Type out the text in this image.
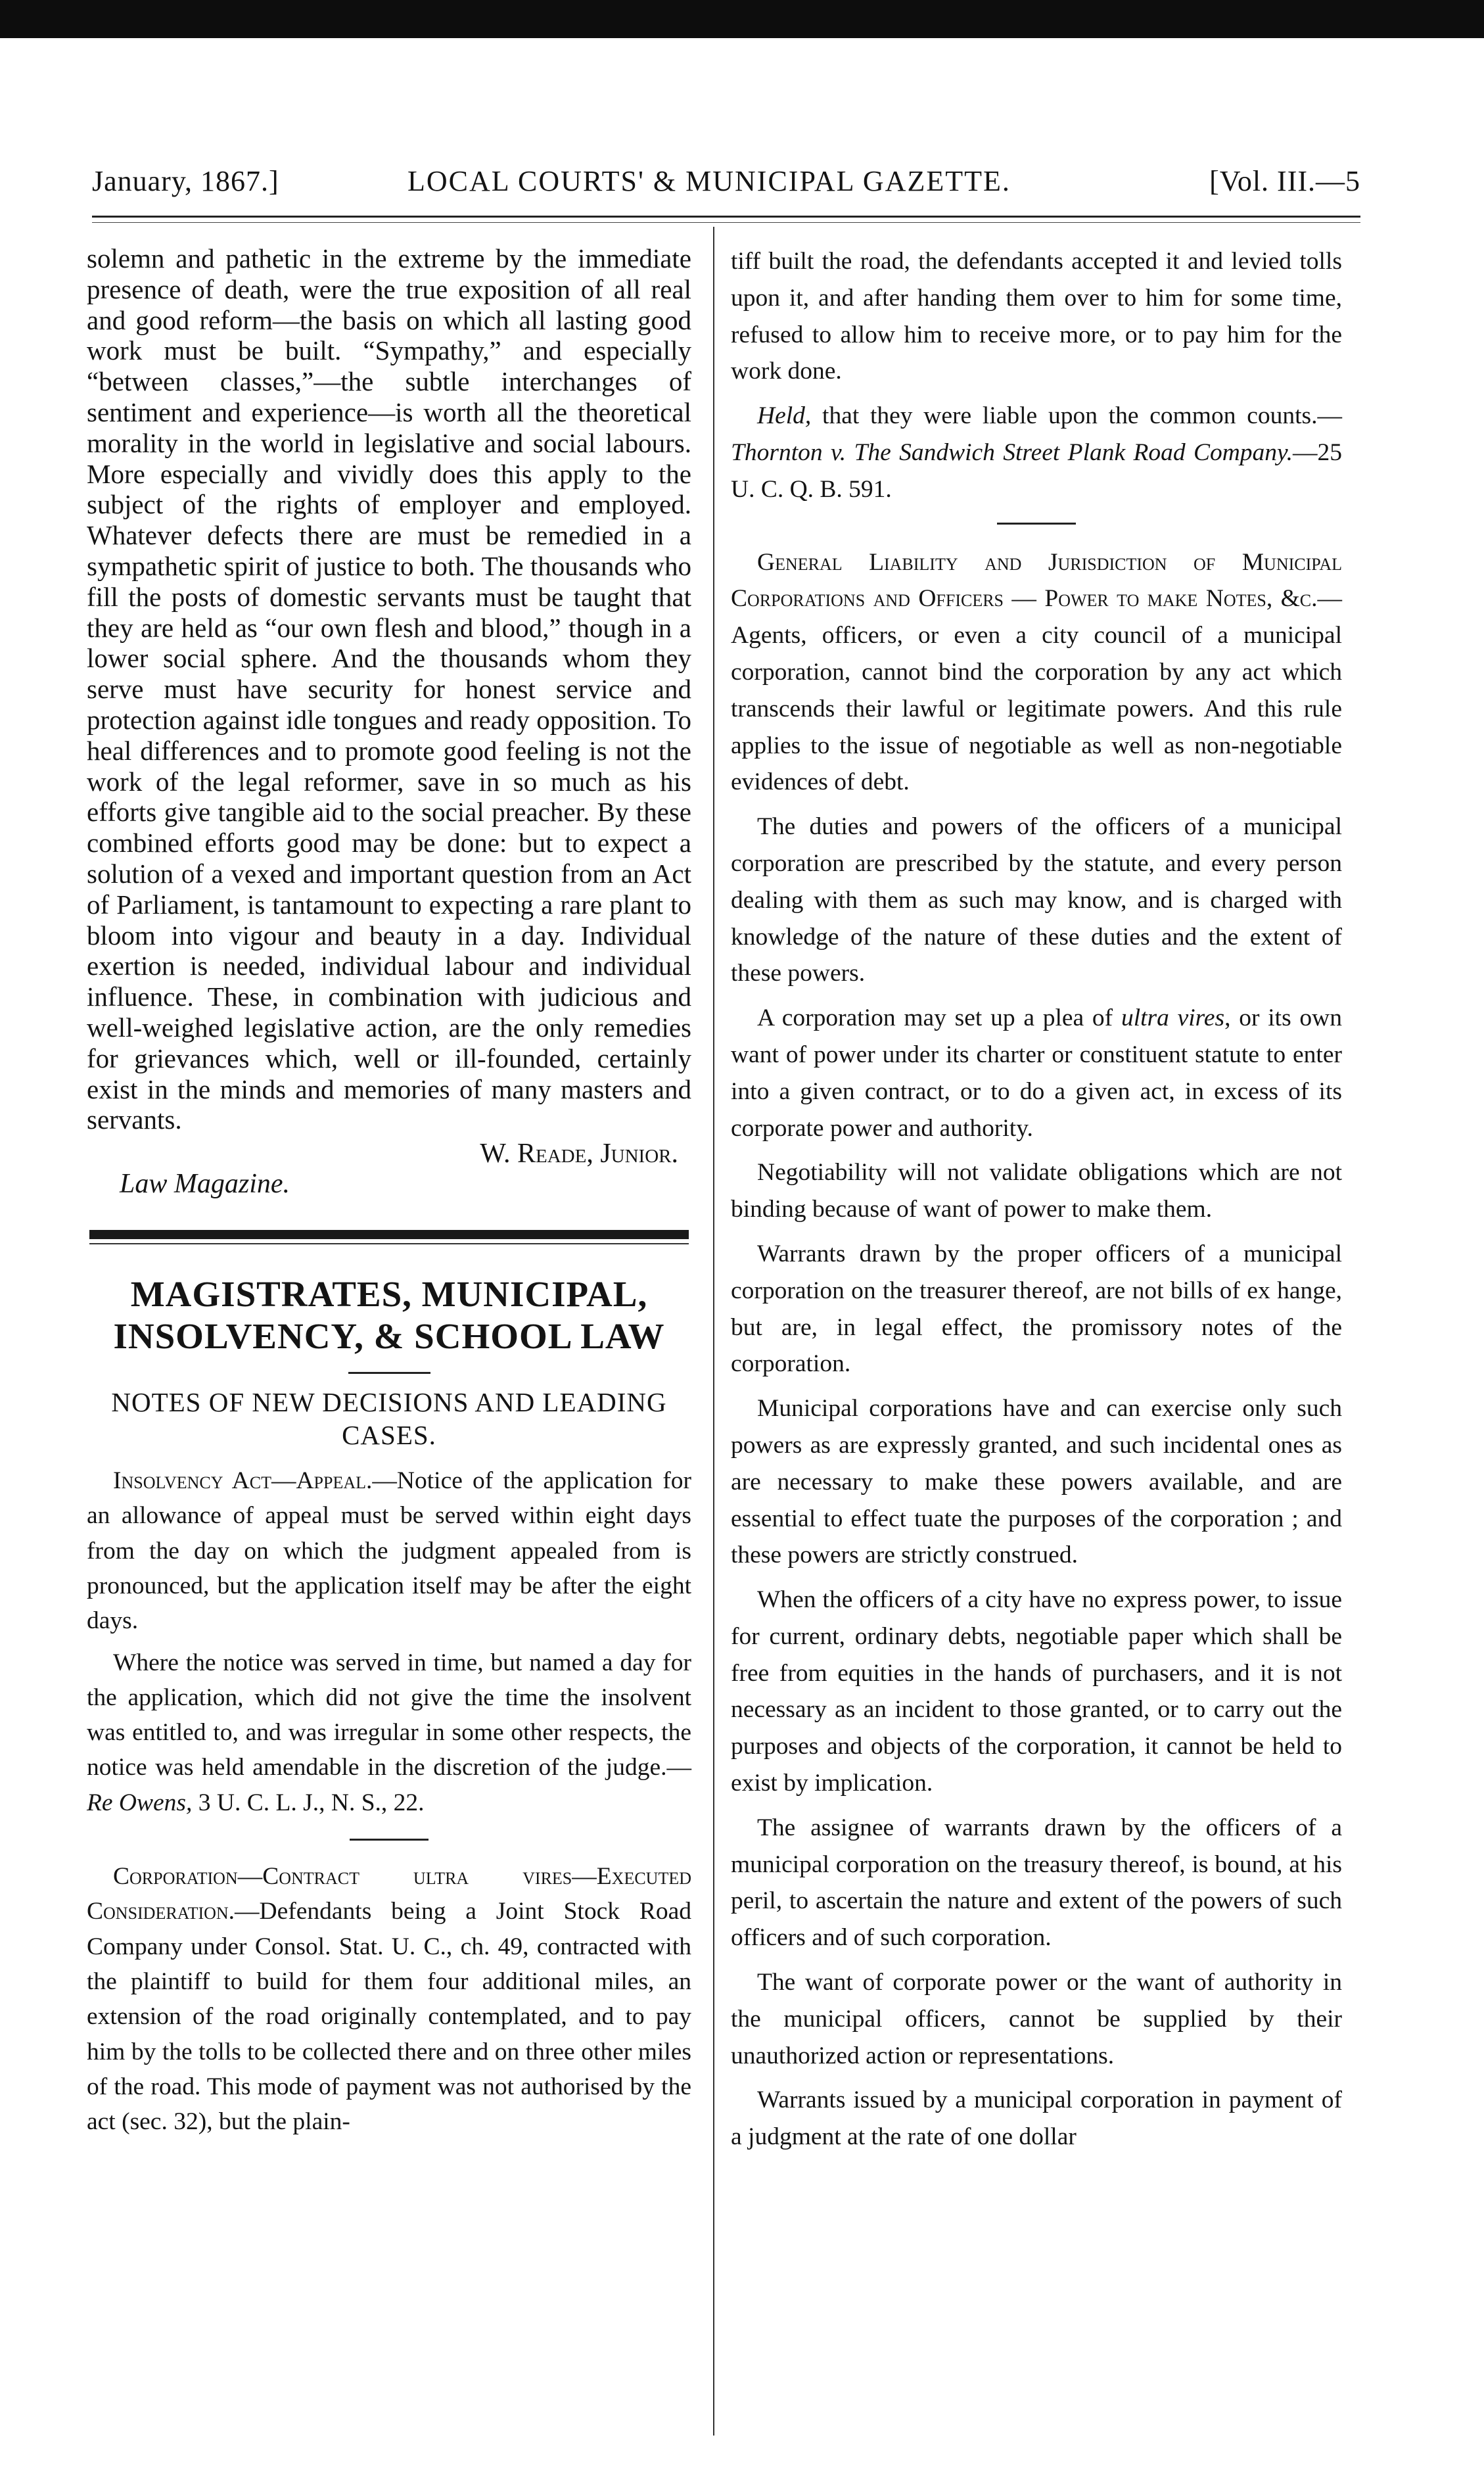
January, 1867.]	LOCAL COURTS' & MUNICIPAL GAZETTE.	[Vol. III.—5

solemn and pathetic in the extreme by the immediate presence of death, were the true exposition of all real and good reform—the basis on which all lasting good work must be built. “Sympathy,” and especially “between classes,”—the subtle interchanges of sentiment and experience—is worth all the theoretical morality in the world in legislative and social labours. More especially and vividly does this apply to the subject of the rights of employer and employed. Whatever defects there are must be remedied in a sympathetic spirit of justice to both. The thousands who fill the posts of domestic servants must be taught that they are held as “our own flesh and blood,” though in a lower social sphere. And the thousands whom they serve must have security for honest service and protection against idle tongues and ready opposition. To heal differences and to promote good feeling is not the work of the legal reformer, save in so much as his efforts give tangible aid to the social preacher. By these combined efforts good may be done: but to expect a solution of a vexed and important question from an Act of Parliament, is tantamount to expecting a rare plant to bloom into vigour and beauty in a day. Individual exertion is needed, individual labour and individual influence. These, in combination with judicious and well-weighed legislative action, are the only remedies for grievances which, well or ill-founded, certainly exist in the minds and memories of many masters and servants.

W. Reade, Junior.
Law Magazine.
MAGISTRATES, MUNICIPAL, INSOLVENCY, & SCHOOL LAW
NOTES OF NEW DECISIONS AND LEADING CASES.

Insolvency Act—Appeal.—Notice of the application for an allowance of appeal must be served within eight days from the day on which the judgment appealed from is pronounced, but the application itself may be after the eight days.

Where the notice was served in time, but named a day for the application, which did not give the time the insolvent was entitled to, and was irregular in some other respects, the notice was held amendable in the discretion of the judge.—Re Owens, 3 U. C. L. J., N. S., 22.

Corporation—Contract ultra vires—Executed Consideration.—Defendants being a Joint Stock Road Company under Consol. Stat. U. C., ch. 49, contracted with the plaintiff to build for them four additional miles, an extension of the road originally contemplated, and to pay him by the tolls to be collected there and on three other miles of the road. This mode of payment was not authorised by the act (sec. 32), but the plain-

tiff built the road, the defendants accepted it and levied tolls upon it, and after handing them over to him for some time, refused to allow him to receive more, or to pay him for the work done.

Held, that they were liable upon the common counts.—Thornton v. The Sandwich Street Plank Road Company.—25 U. C. Q. B. 591.

General Liability and Jurisdiction of Municipal Corporations and Officers — Power to make Notes, &c.—Agents, officers, or even a city council of a municipal corporation, cannot bind the corporation by any act which transcends their lawful or legitimate powers. And this rule applies to the issue of negotiable as well as non-negotiable evidences of debt.

The duties and powers of the officers of a municipal corporation are prescribed by the statute, and every person dealing with them as such may know, and is charged with knowledge of the nature of these duties and the extent of these powers.

A corporation may set up a plea of ultra vires, or its own want of power under its charter or constituent statute to enter into a given contract, or to do a given act, in excess of its corporate power and authority.

Negotiability will not validate obligations which are not binding because of want of power to make them.

Warrants drawn by the proper officers of a municipal corporation on the treasurer thereof, are not bills of ex hange, but are, in legal effect, the promissory notes of the corporation.

Municipal corporations have and can exercise only such powers as are expressly granted, and such incidental ones as are necessary to make these powers available, and are essential to effect tuate the purposes of the corporation ; and these powers are strictly construed.

When the officers of a city have no express power, to issue for current, ordinary debts, negotiable paper which shall be free from equities in the hands of purchasers, and it is not necessary as an incident to those granted, or to carry out the purposes and objects of the corporation, it cannot be held to exist by implication.

The assignee of warrants drawn by the officers of a municipal corporation on the treasury thereof, is bound, at his peril, to ascertain the nature and extent of the powers of such officers and of such corporation.

The want of corporate power or the want of authority in the municipal officers, cannot be supplied by their unauthorized action or representations.

Warrants issued by a municipal corporation in payment of a judgment at the rate of one dollar
